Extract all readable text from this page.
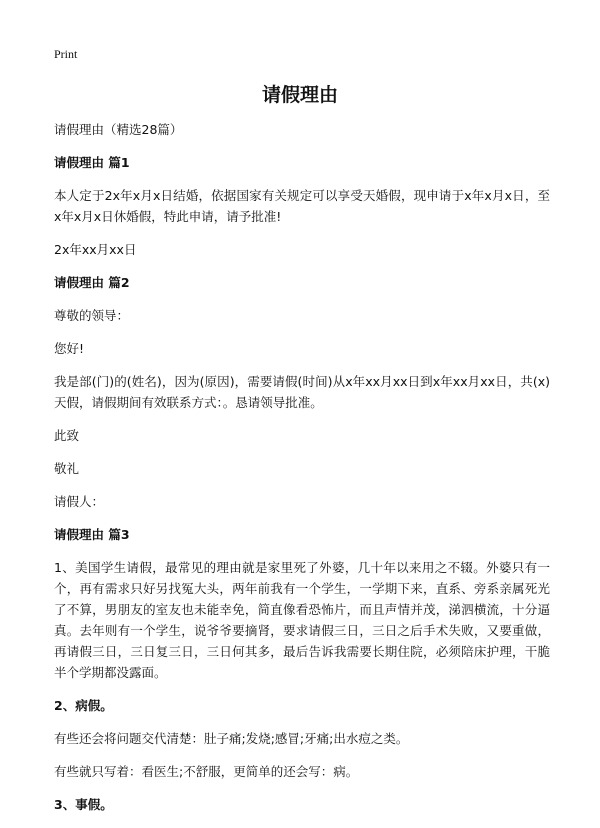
Print
请假理由

请假理由（精选28篇）

请假理由 篇1

本人定于2x年x月x日结婚，依据国家有关规定可以享受天婚假，现申请于x年x月x日，至x年x月x日休婚假，特此申请，请予批准!

2x年xx月xx日

请假理由 篇2

尊敬的领导：

您好!

我是部(门)的(姓名)，因为(原因)，需要请假(时间)从x年xx月xx日到x年xx月xx日，共(x)天假，请假期间有效联系方式：。恳请领导批准。

此致

敬礼

请假人：

请假理由 篇3

1、美国学生请假，最常见的理由就是家里死了外婆，几十年以来用之不辍。外婆只有一个，再有需求只好另找冤大头，两年前我有一个学生，一学期下来，直系、旁系亲属死光了不算，男朋友的室友也未能幸免，简直像看恐怖片，而且声情并茂，涕泗横流，十分逼真。去年则有一个学生，说爷爷要摘肾，要求请假三日，三日之后手术失败，又要重做，再请假三日，三日复三日，三日何其多，最后告诉我需要长期住院，必须陪床护理，干脆半个学期都没露面。

2、病假。

有些还会将问题交代清楚：肚子痛;发烧;感冒;牙痛;出水痘之类。

有些就只写着：看医生;不舒服，更简单的还会写：病。

3、事假。
